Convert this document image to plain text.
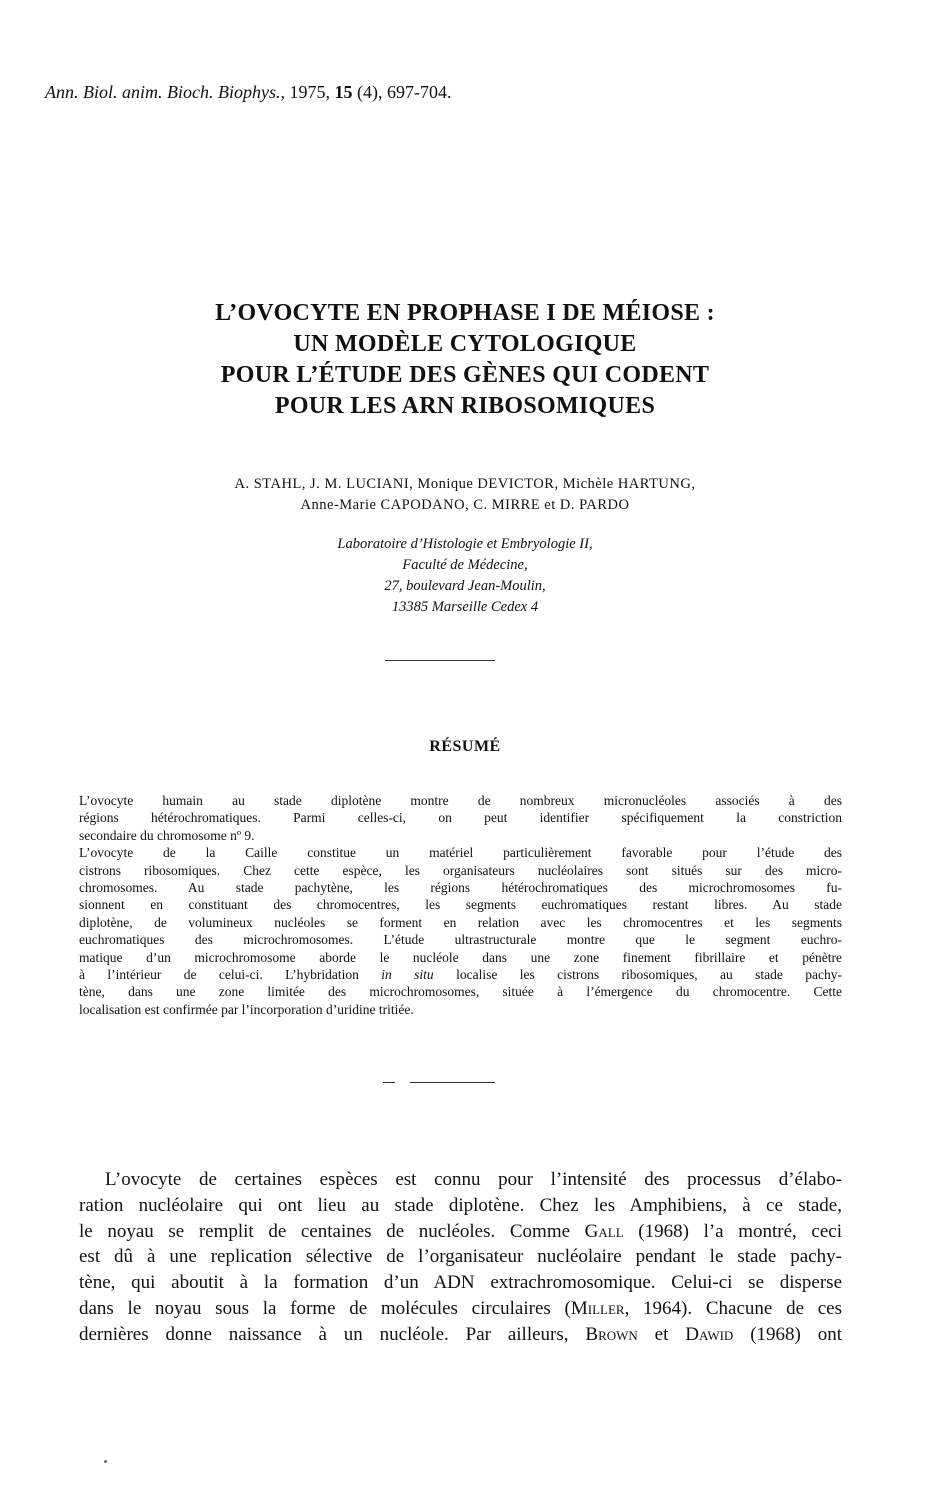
Ann. Biol. anim. Bioch. Biophys., 1975, 15 (4), 697-704.
L’OVOCYTE EN PROPHASE I DE MÉIOSE :
UN MODÈLE CYTOLOGIQUE
POUR L’ÉTUDE DES GÈNES QUI CODENT
POUR LES ARN RIBOSOMIQUES
A. STAHL, J. M. LUCIANI, Monique DEVICTOR, Michèle HARTUNG,
Anne-Marie CAPODANO, C. MIRRE et D. PARDO
Laboratoire d’Histologie et Embryologie II,
Faculté de Médecine,
27, boulevard Jean-Moulin,
13385 Marseille Cedex 4
RÉSUMÉ
L’ovocyte humain au stade diplotène montre de nombreux micronucléoles associés à des
régions hétérochromatiques. Parmi celles-ci, on peut identifier spécifiquement la constriction
secondaire du chromosome nº 9.
L’ovocyte de la Caille constitue un matériel particulièrement favorable pour l’étude des
cistrons ribosomiques. Chez cette espèce, les organisateurs nucléolaires sont situés sur des micro-
chromosomes. Au stade pachytène, les régions hétérochromatiques des microchromosomes fu-
sionnent en constituant des chromocentres, les segments euchromatiques restant libres. Au stade
diplotène, de volumineux nucléoles se forment en relation avec les chromocentres et les segments
euchromatiques des microchromosomes. L’étude ultrastructurale montre que le segment euchro-
matique d’un microchromosome aborde le nucléole dans une zone finement fibrillaire et pénètre
à l’intérieur de celui-ci. L’hybridation in situ localise les cistrons ribosomiques, au stade pachy-
tène, dans une zone limitée des microchromosomes, située à l’émergence du chromocentre. Cette
localisation est confirmée par l’incorporation d’uridine tritiée.
L’ovocyte de certaines espèces est connu pour l’intensité des processus d’élabo-
ration nucléolaire qui ont lieu au stade diplotène. Chez les Amphibiens, à ce stade,
le noyau se remplit de centaines de nucléoles. Comme Gall (1968) l’a montré, ceci
est dû à une replication sélective de l’organisateur nucléolaire pendant le stade pachy-
tène, qui aboutit à la formation d’un ADN extrachromosomique. Celui-ci se disperse
dans le noyau sous la forme de molécules circulaires (Miller, 1964). Chacune de ces
dernières donne naissance à un nucléole. Par ailleurs, Brown et Dawid (1968) ont
